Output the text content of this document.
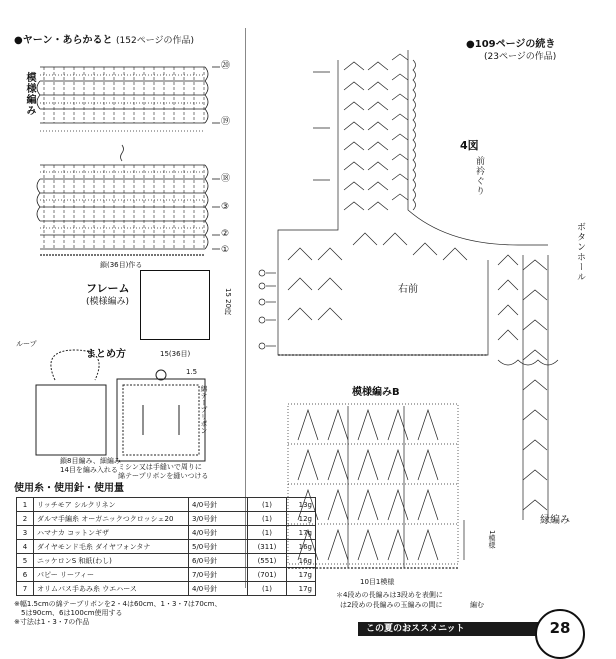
●ヤーン・あらかると (152ページの作品)
模様編み
⑳
⑲
⑱
③
②
①
鎖(36目)作る
フレーム
(模様編み)
15 20段
15(36目)
まとめ方
ループ
鎖8目編み、細編み
14目を編み入れる
1.5
綿テープリボン
ミシン又は手縫いで周りに
綿テープリボンを縫いつける
使用糸・使用針・使用量
1	リッチモア シルクリネン	4/0号針	(1)	13g
2	ダルマ手編糸 オーガニックつクロッシェ20	3/0号針	(1)	12g
3	ハマナカ コットンギザ	4/0号針	(1)	17g
4	ダイヤモンド毛糸 ダイヤフォンタナ	5/0号針	(311)	16g
5	ニッケロンS 和紙(わし)	6/0号針	(551)	16g
6	パピー リーフィー	7/0号針	(701)	17g
7	オリムパス手あみ糸 ウエハース	4/0号針	(1)	17g
※幅1.5cmの綿テープリボンを2・4は60cm、1・3・7は70cm、
　5は90cm、6は100cm使用する
※寸法は1・3・7の作品
●109ページの続き
(23ページの作品)
4図
前衿ぐり
ボタンホール
右前
模様編みB
1模様
10目1模様
縁編み
＊4段めの長編みは3段めを表側に
は2段めの長編みの玉編みの間に	編む
この夏のおススメニット	28
